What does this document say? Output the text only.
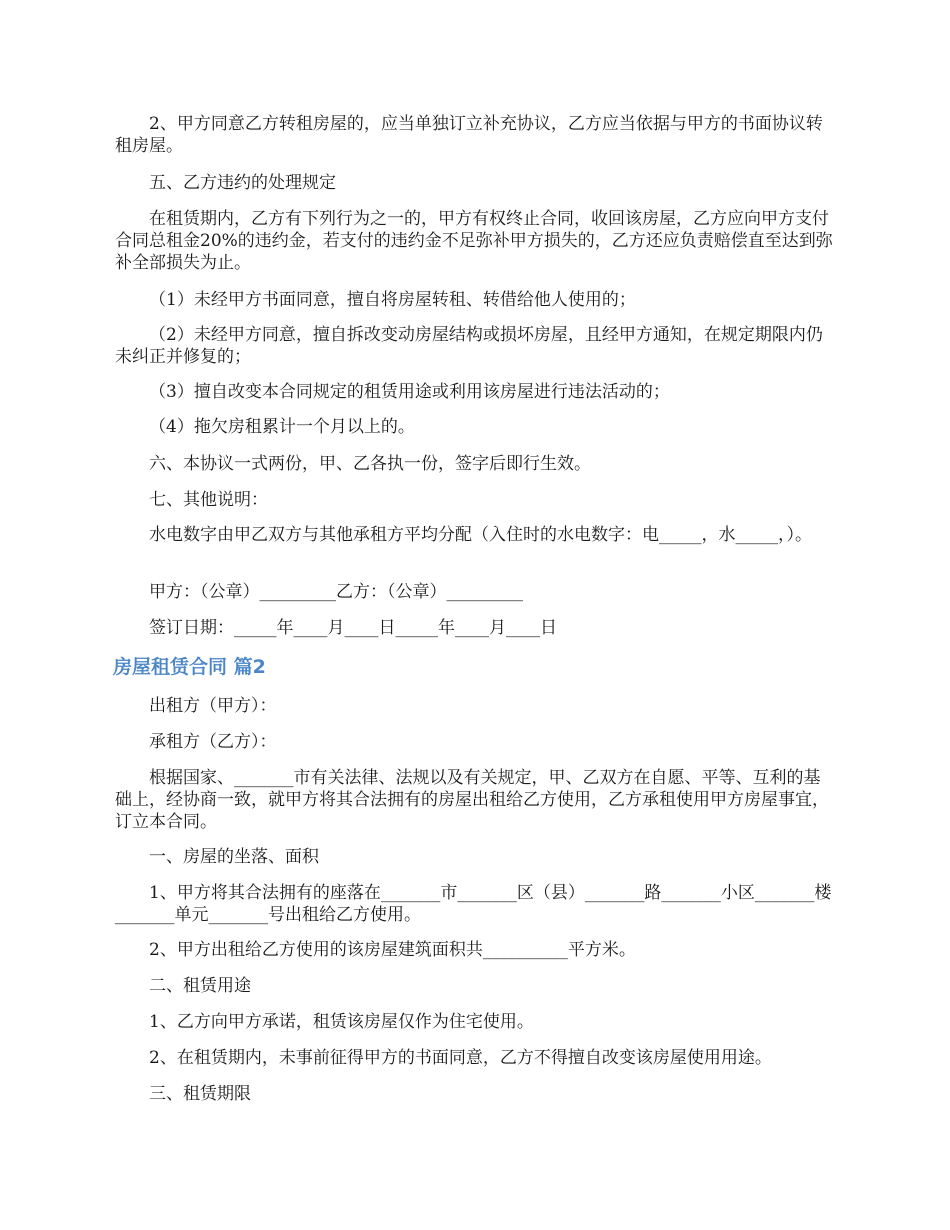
2、甲方同意乙方转租房屋的，应当单独订立补充协议，乙方应当依据与甲方的书面协议转租房屋。

五、乙方违约的处理规定

在租赁期内，乙方有下列行为之一的，甲方有权终止合同，收回该房屋，乙方应向甲方支付合同总租金20%的违约金，若支付的违约金不足弥补甲方损失的，乙方还应负责赔偿直至达到弥补全部损失为止。

（1）未经甲方书面同意，擅自将房屋转租、转借给他人使用的；

（2）未经甲方同意，擅自拆改变动房屋结构或损坏房屋，且经甲方通知，在规定期限内仍未纠正并修复的；

（3）擅自改变本合同规定的租赁用途或利用该房屋进行违法活动的；

（4）拖欠房租累计一个月以上的。

六、本协议一式两份，甲、乙各执一份，签字后即行生效。

七、其他说明：

水电数字由甲乙双方与其他承租方平均分配（入住时的水电数字：电_____，水_____，）。

甲方：（公章）_________乙方：（公章）_________

签订日期：_____年____月____日_____年____月____日

房屋租赁合同 篇2

出租方（甲方）：

承租方（乙方）：

根据国家、_______市有关法律、法规以及有关规定，甲、乙双方在自愿、平等、互利的基础上，经协商一致，就甲方将其合法拥有的房屋出租给乙方使用，乙方承租使用甲方房屋事宜，订立本合同。

一、房屋的坐落、面积

1、甲方将其合法拥有的座落在_______市_______区（县）_______路_______小区_______楼_______单元_______号出租给乙方使用。

2、甲方出租给乙方使用的该房屋建筑面积共__________平方米。

二、租赁用途

1、乙方向甲方承诺，租赁该房屋仅作为住宅使用。

2、在租赁期内，未事前征得甲方的书面同意，乙方不得擅自改变该房屋使用用途。

三、租赁期限
